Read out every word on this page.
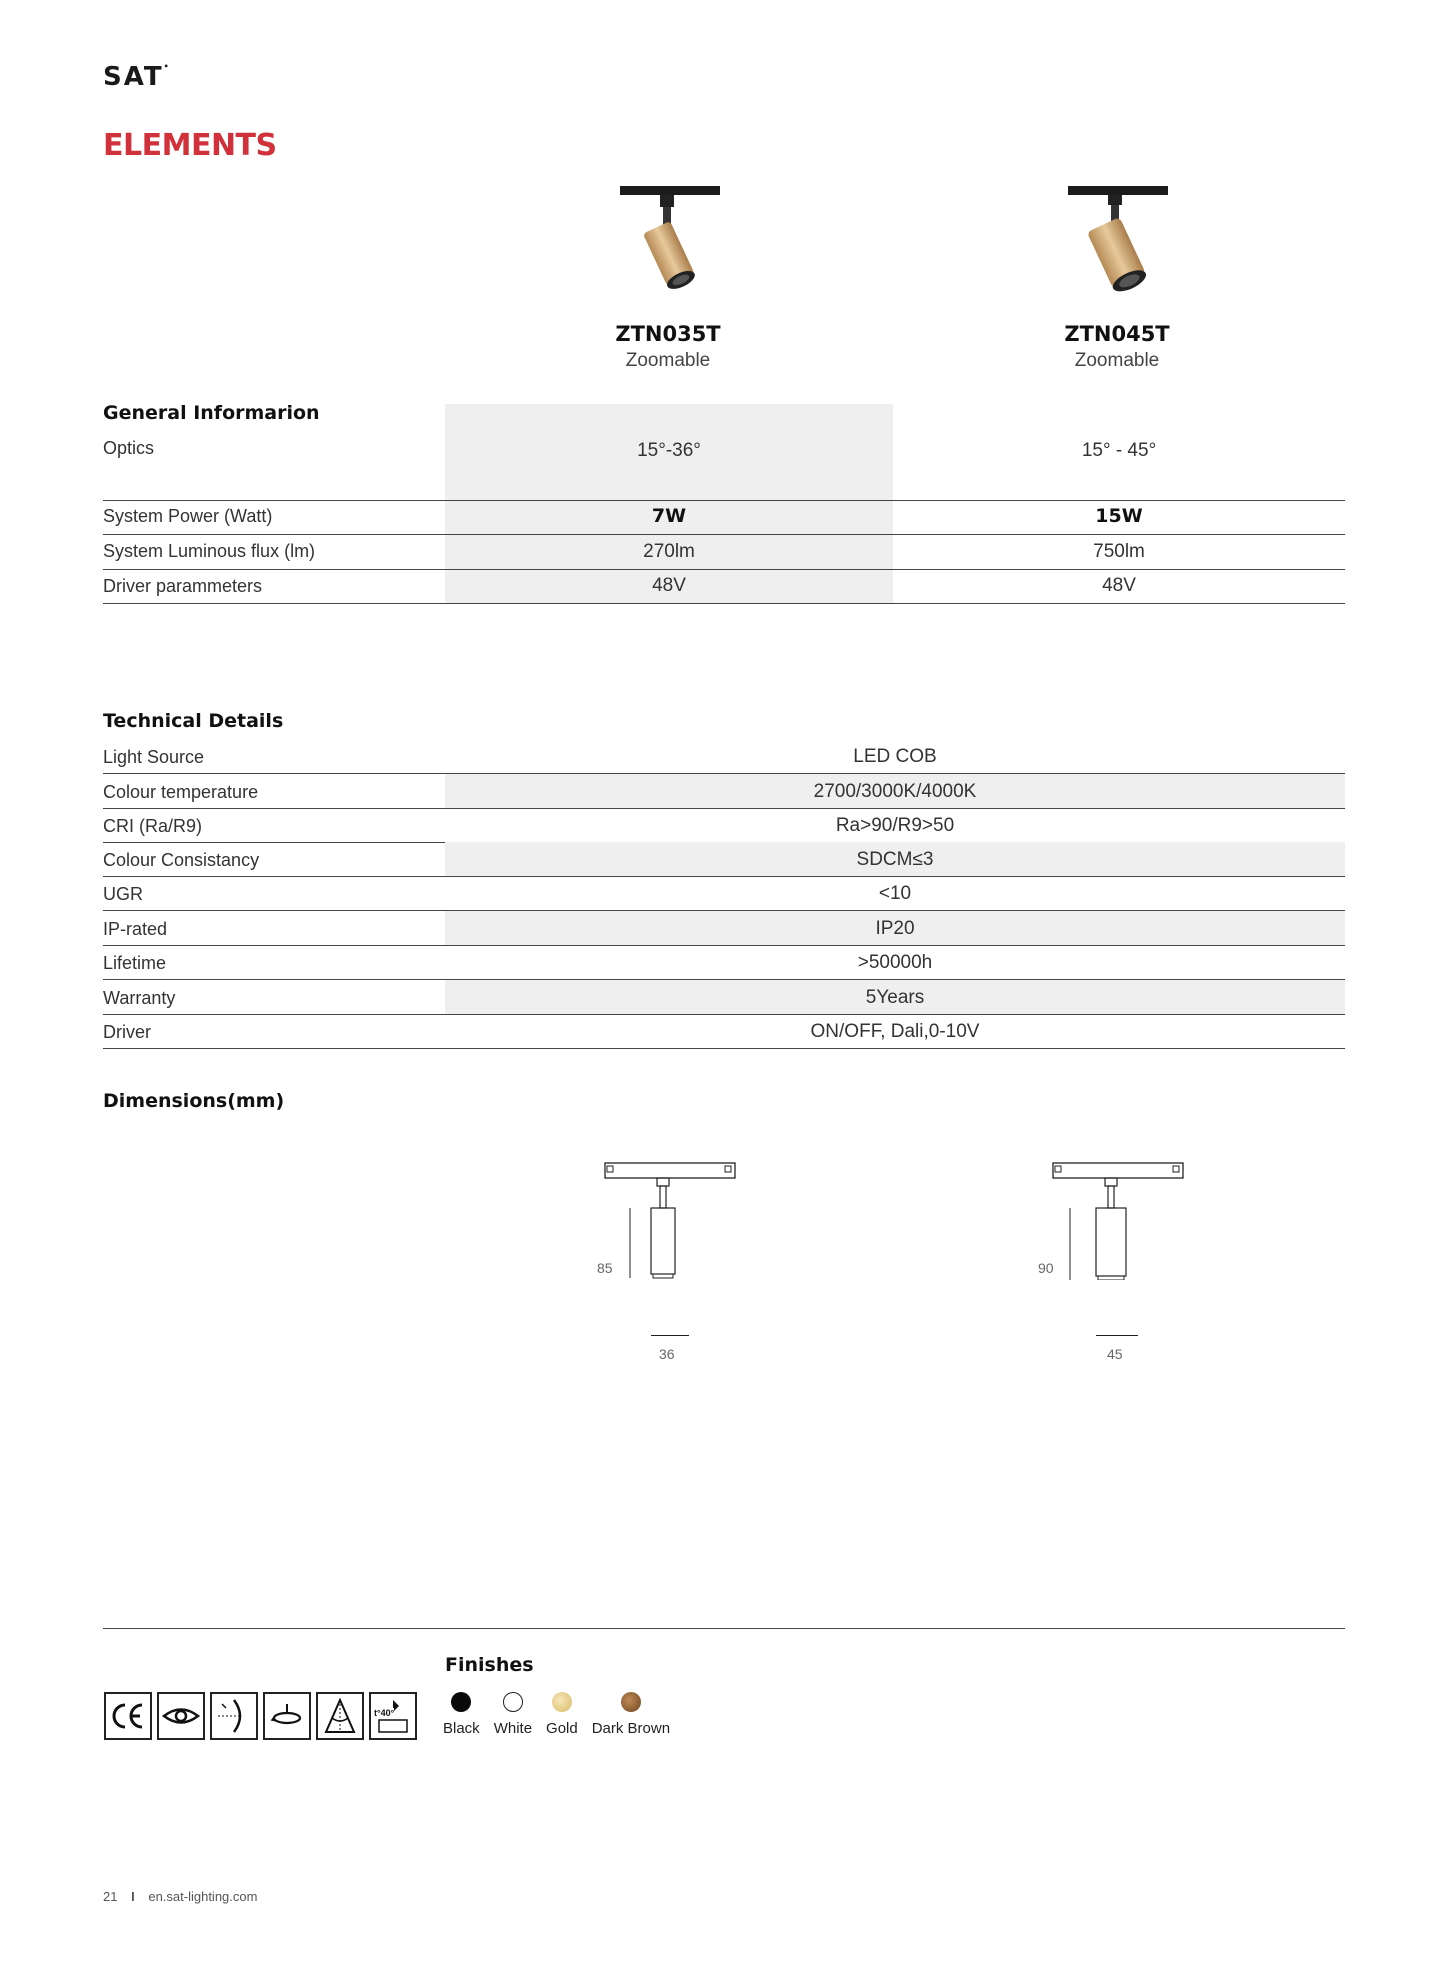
SAT•
ELEMENTS
ZTN035T
Zoomable
ZTN045T
Zoomable
General Informarion
Optics	15°-36°	15° - 45°
System Power (Watt)	7W	15W
System Luminous flux (lm)	270lm	750lm
Driver parammeters	48V	48V
Technical Details
Light Source	LED COB
Colour temperature	2700/3000K/4000K
CRI (Ra/R9)	Ra>90/R9>50
Colour Consistancy	SDCM≤3
UGR	<10
IP-rated	IP20
Lifetime	>50000h
Warranty	5Years
Driver	ON/OFF, Dali,0-10V
Dimensions(mm)
85
36
90
45
t°40°
Finishes
Black White Gold Dark Brown
21 I en.sat-lighting.com
